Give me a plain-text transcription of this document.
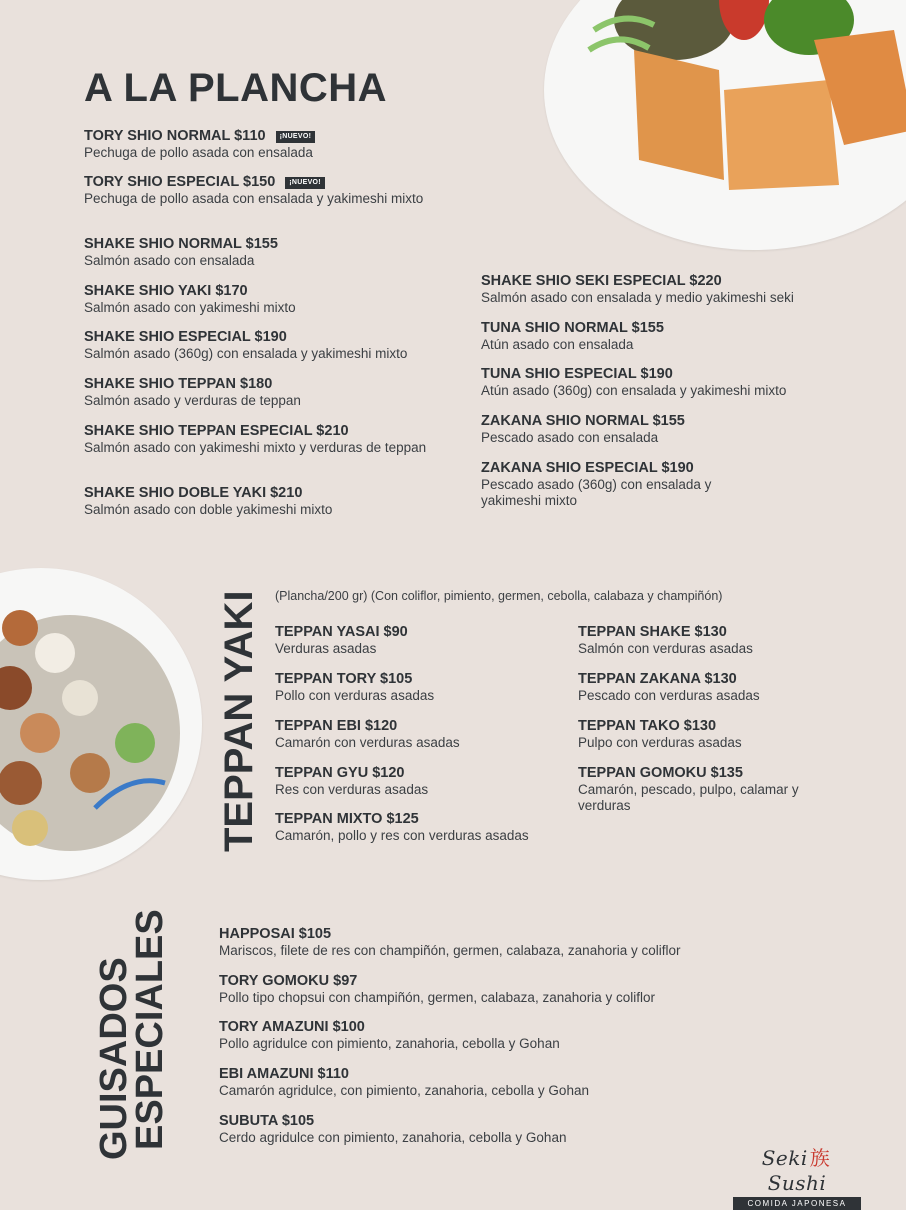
A LA PLANCHA
TORY SHIO NORMAL $110	¡NUEVO!
Pechuga de pollo asada con ensalada
TORY SHIO ESPECIAL $150	¡NUEVO!
Pechuga de pollo asada con ensalada y yakimeshi mixto
SHAKE SHIO NORMAL $155
Salmón asado con ensalada
SHAKE SHIO YAKI $170
Salmón asado con yakimeshi mixto
SHAKE SHIO ESPECIAL $190
Salmón asado (360g) con ensalada y yakimeshi mixto
SHAKE SHIO TEPPAN $180
Salmón asado y verduras de teppan
SHAKE SHIO TEPPAN ESPECIAL $210
Salmón asado con yakimeshi mixto y verduras de teppan
SHAKE SHIO DOBLE YAKI $210
Salmón asado con doble yakimeshi mixto
SHAKE SHIO SEKI ESPECIAL $220
Salmón asado con ensalada y medio yakimeshi seki
TUNA SHIO NORMAL $155
Atún asado con ensalada
TUNA SHIO ESPECIAL $190
Atún asado (360g) con ensalada y yakimeshi mixto
ZAKANA SHIO NORMAL $155
Pescado asado con ensalada
ZAKANA SHIO ESPECIAL $190
Pescado asado (360g) con ensalada y yakimeshi mixto
TEPPAN YAKI (Plancha/200 gr) (Con coliflor, pimiento, germen, cebolla, calabaza y champiñón)
TEPPAN YASAI $90
Verduras asadas
TEPPAN TORY $105
Pollo con verduras asadas
TEPPAN EBI $120
Camarón con verduras asadas
TEPPAN GYU $120
Res con verduras asadas
TEPPAN MIXTO $125
Camarón, pollo y res con verduras asadas
TEPPAN SHAKE $130
Salmón con verduras asadas
TEPPAN ZAKANA $130
Pescado con verduras asadas
TEPPAN TAKO $130
Pulpo con verduras asadas
TEPPAN GOMOKU $135
Camarón, pescado, pulpo, calamar y verduras
GUISADOS
ESPECIALES	HAPPOSAI $105
Mariscos, filete de res con champiñón, germen, calabaza, zanahoria y coliflor
TORY GOMOKU $97
Pollo tipo chopsui con champiñón, germen, calabaza, zanahoria y coliflor
TORY AMAZUNI $100
Pollo agridulce con pimiento, zanahoria, cebolla y Gohan
EBI AMAZUNI $110
Camarón agridulce, con pimiento, zanahoria, cebolla y Gohan
SUBUTA $105
Cerdo agridulce con pimiento, zanahoria, cebolla y Gohan
Seki 族Sushi
COMIDA JAPONESA
